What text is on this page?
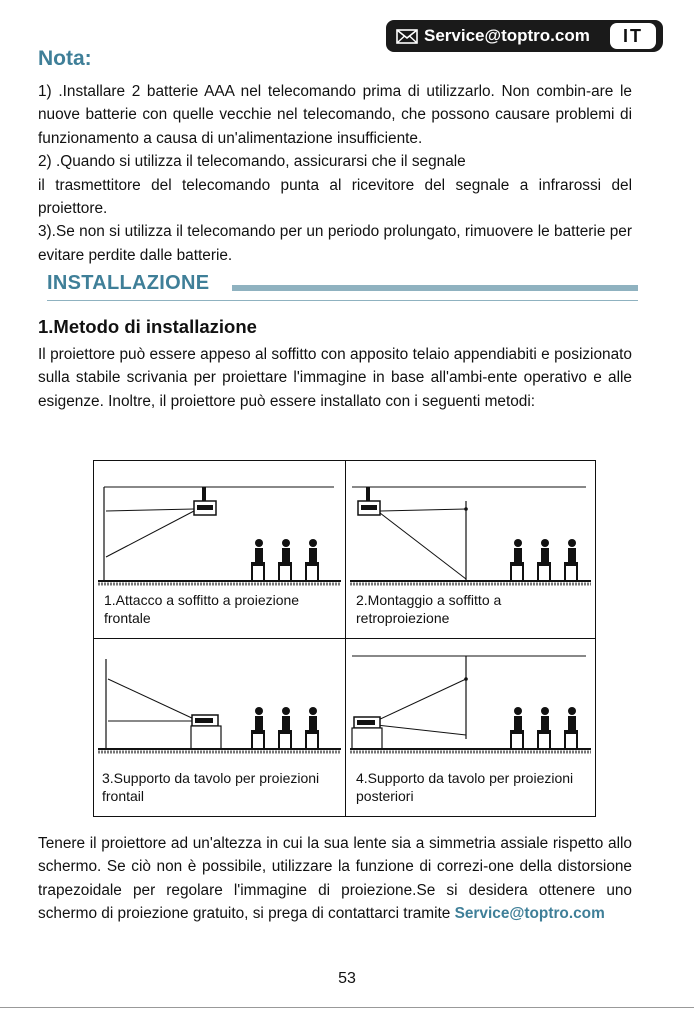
Service@toptro.com	IT
Nota:

1) .Installare 2 batterie AAA nel telecomando prima di utilizzarlo. Non combin-are le nuove batterie con quelle vecchie nel telecomando, che possono causare problemi di funzionamento a causa di un'alimentazione insufficiente.

2) .Quando si utilizza il telecomando, assicurarsi che il segnale

il trasmettitore del telecomando punta al ricevitore del segnale a infrarossi del proiettore.

3).Se non si utilizza il telecomando per un periodo prolungato, rimuovere le batterie per evitare perdite dalle batterie.

INSTALLAZIONE
1.Metodo di installazione

Il proiettore può essere appeso al soffitto con apposito telaio appendiabiti e posizionato sulla stabile scrivania per proiettare l'immagine in base all'ambi-ente operativo e alle esigenze. Inoltre, il proiettore può essere installato con i seguenti metodi:

1.Attacco a soffitto a proiezione
frontale
2.Montaggio a soffitto a
retroproiezione
3.Supporto da tavolo per proiezioni
frontail
4.Supporto da tavolo per proiezioni
posteriori

Tenere il proiettore ad un'altezza in cui la sua lente sia a simmetria assiale rispetto allo schermo. Se ciò non è possibile, utilizzare la funzione di correzi-one della distorsione trapezoidale per regolare l'immagine di proiezione.Se si desidera ottenere uno schermo di proiezione gratuito, si prega di contattarci tramite Service@toptro.com

53
